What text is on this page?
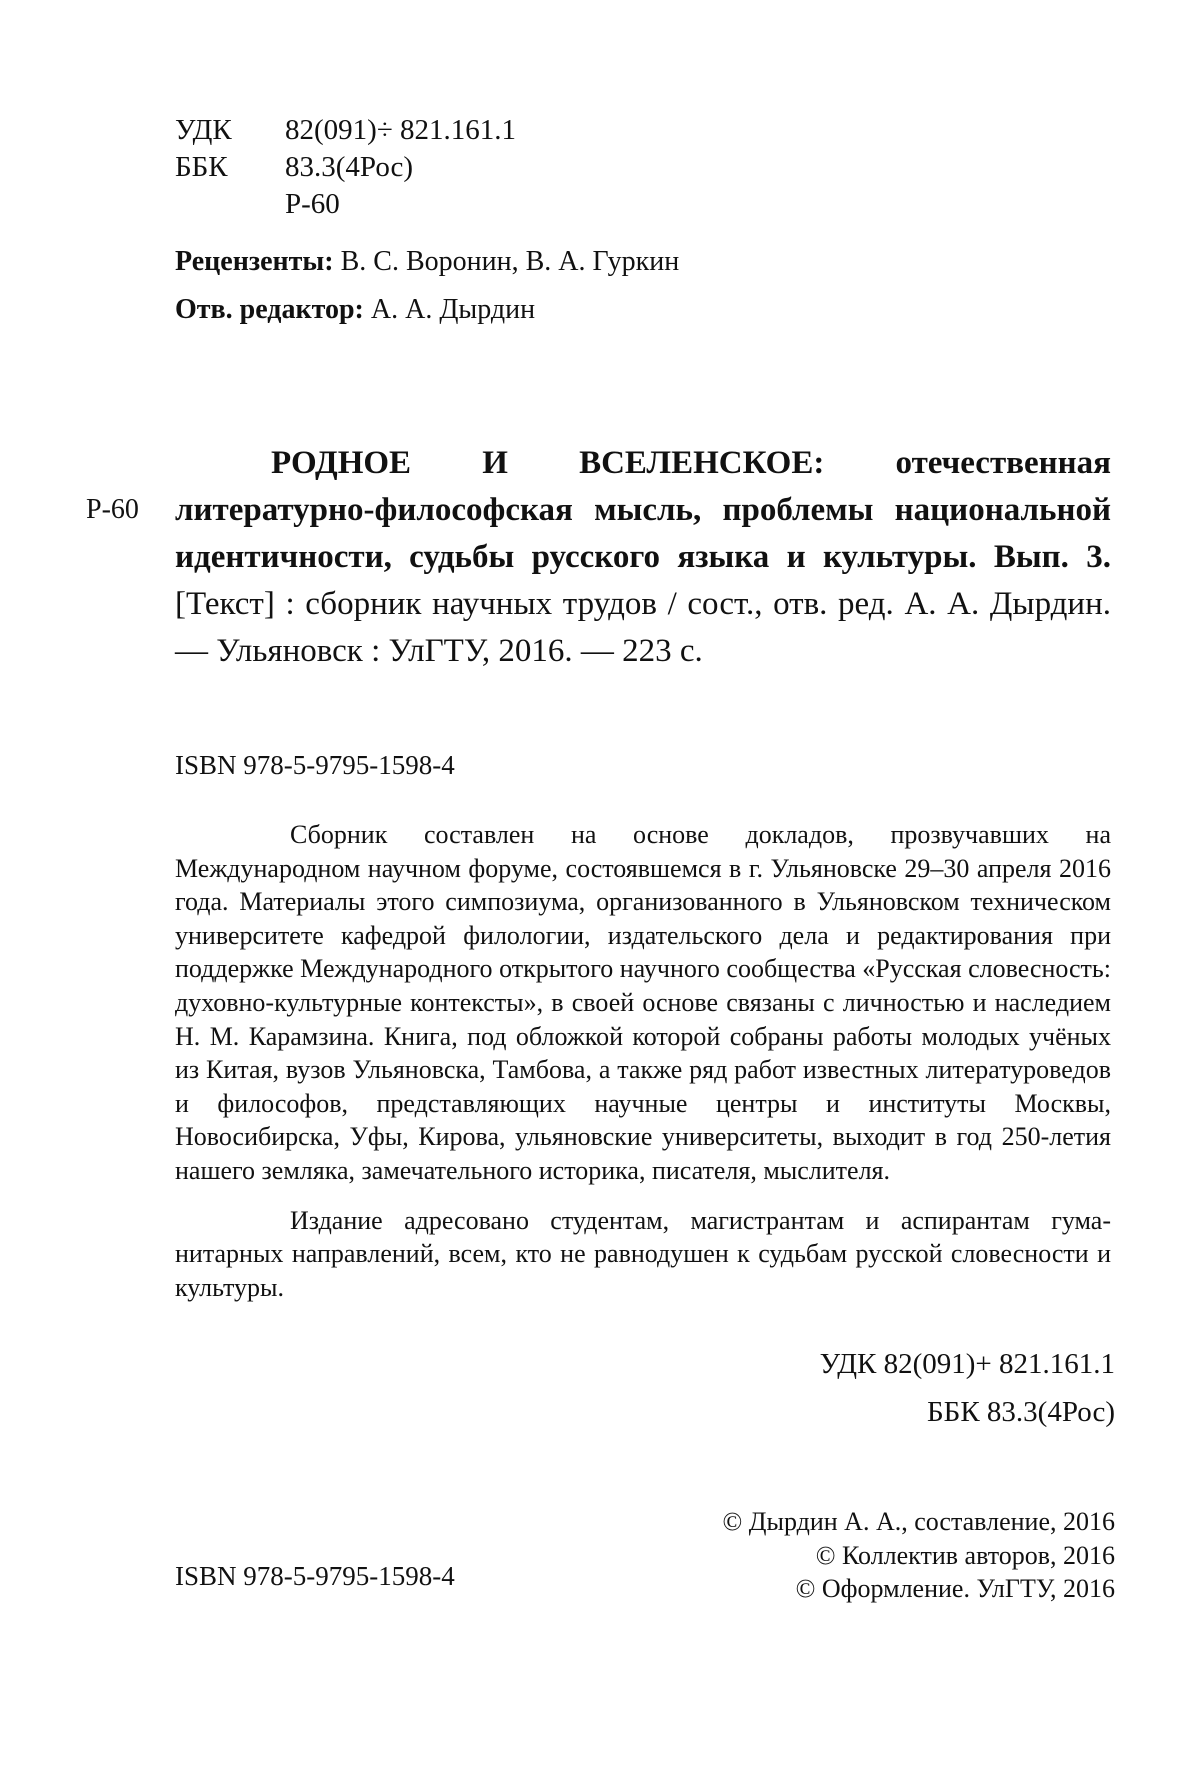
УДК	82(091)÷ 821.161.1
ББК	83.3(4Рос)
Р-60
Рецензенты: В. С. Воронин, В. А. Гуркин
Отв. редактор: А. А. Дырдин
Р-60
РОДНОЕ И ВСЕЛЕНСКОЕ: отечественная литературно-философская мысль, проблемы национальной идентичности, судьбы русского языка и культуры. Вып. 3. [Текст] : сборник научных трудов / сост., отв. ред. А. А. Дырдин. — Ульяновск : УлГТУ, 2016. — 223 с.
ISBN 978-5-9795-1598-4

Сборник составлен на основе докладов, прозвучавших на Международном научном форуме, состоявшемся в г. Ульяновске 29–30 апреля 2016 года. Материалы этого симпозиума, организованного в Ульяновском техническом университете кафедрой филологии, издательского дела и редактирования при поддержке Международного открытого научного сообщества «Русская словесность: духовно-культурные контексты», в своей основе связаны с личностью и наследием Н. М. Карамзина. Книга, под обложкой которой собраны работы молодых учёных из Китая, вузов Ульяновска, Тамбова, а также ряд работ известных литературоведов и философов, представляющих научные центры и институты Москвы, Новосибирска, Уфы, Кирова, ульяновские университеты, выходит в год 250-летия нашего земляка, замечательного историка, писателя, мыслителя.

Издание адресовано студентам, магистрантам и аспирантам гума-нитарных направлений, всем, кто не равнодушен к судьбам русской словесности и культуры.

УДК 82(091)+ 821.161.1
ББК 83.3(4Рос)
ISBN 978-5-9795-1598-4
© Дырдин А. А., составление, 2016
© Коллектив авторов, 2016
© Оформление. УлГТУ, 2016
